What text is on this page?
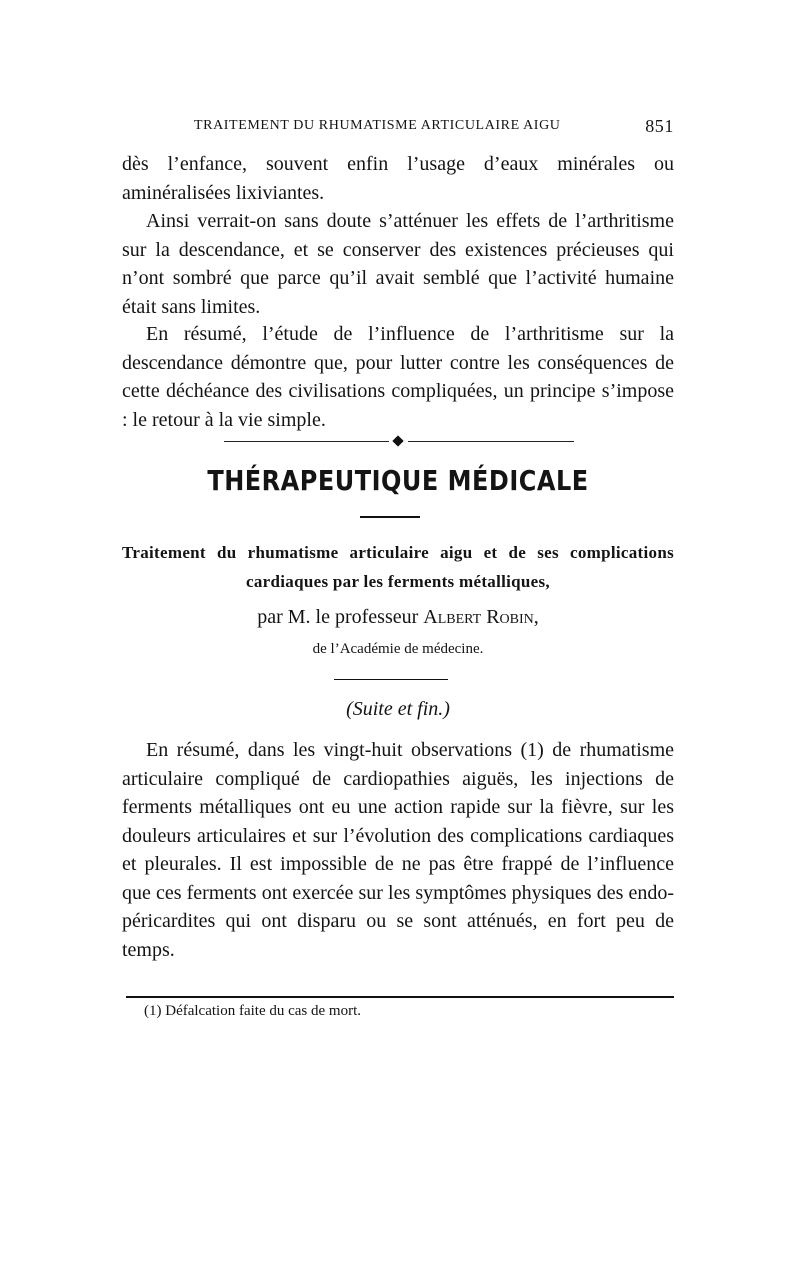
TRAITEMENT DU RHUMATISME ARTICULAIRE AIGU	851

dès l’enfance, souvent enfin l’usage d’eaux minérales ou aminéralisées lixiviantes.

Ainsi verrait-on sans doute s’atténuer les effets de l’arthritisme sur la descendance, et se conserver des existences précieuses qui n’ont sombré que parce qu’il avait semblé que l’activité humaine était sans limites.

En résumé, l’étude de l’influence de l’arthritisme sur la descendance démontre que, pour lutter contre les conséquences de cette déchéance des civilisations compliquées, un principe s’impose : le retour à la vie simple.

THÉRAPEUTIQUE MÉDICALE

Traitement du rhumatisme articulaire aigu et de ses complications cardiaques par les ferments métalliques,

par M. le professeur Albert Robin,
de l’Académie de médecine.
(Suite et fin.)

En résumé, dans les vingt-huit observations (1) de rhumatisme articulaire compliqué de cardiopathies aiguës, les injections de ferments métalliques ont eu une action rapide sur la fièvre, sur les douleurs articulaires et sur l’évolution des complications cardiaques et pleurales. Il est impossible de ne pas être frappé de l’influence que ces ferments ont exercée sur les symptômes physiques des endo-péricardites qui ont disparu ou se sont atténués, en fort peu de temps.

(1) Défalcation faite du cas de mort.
